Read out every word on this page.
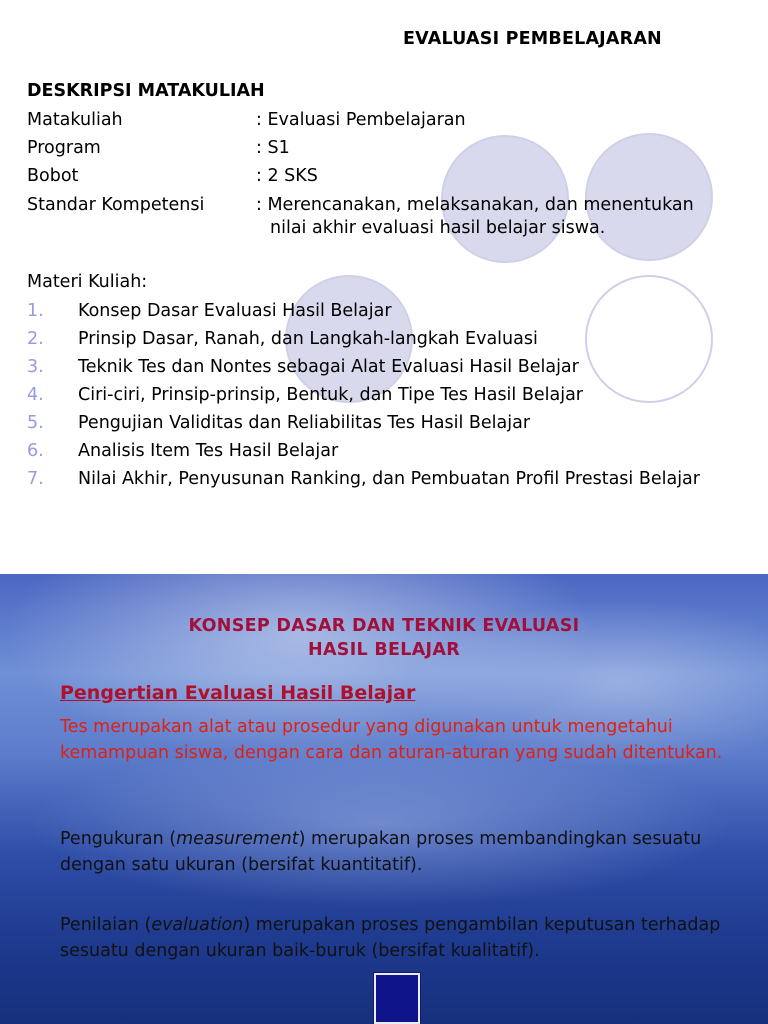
EVALUASI PEMBELAJARAN
DESKRIPSI MATAKULIAH
Matakuliah	: Evaluasi Pembelajaran
Program	: S1
Bobot	: 2 SKS
Standar Kompetensi	: Merencanakan, melaksanakan, dan menentukan
nilai akhir evaluasi hasil belajar siswa.
Materi Kuliah:
1. Konsep Dasar Evaluasi Hasil Belajar
2. Prinsip Dasar, Ranah, dan Langkah-langkah Evaluasi
3. Teknik Tes dan Nontes sebagai Alat Evaluasi Hasil Belajar
4. Ciri-ciri, Prinsip-prinsip, Bentuk, dan Tipe Tes Hasil Belajar
5. Pengujian Validitas dan Reliabilitas Tes Hasil Belajar
6. Analisis Item Tes Hasil Belajar
7. Nilai Akhir, Penyusunan Ranking, dan Pembuatan Profil Prestasi Belajar
KONSEP DASAR DAN TEKNIK EVALUASI
HASIL BELAJAR
Pengertian Evaluasi Hasil Belajar
Tes merupakan alat atau prosedur yang digunakan untuk mengetahui kemampuan siswa, dengan cara dan aturan-aturan yang sudah ditentukan.
Pengukuran (measurement) merupakan proses membandingkan sesuatu dengan satu ukuran (bersifat kuantitatif).
Penilaian (evaluation) merupakan proses pengambilan keputusan terhadap sesuatu dengan ukuran baik-buruk (bersifat kualitatif).
